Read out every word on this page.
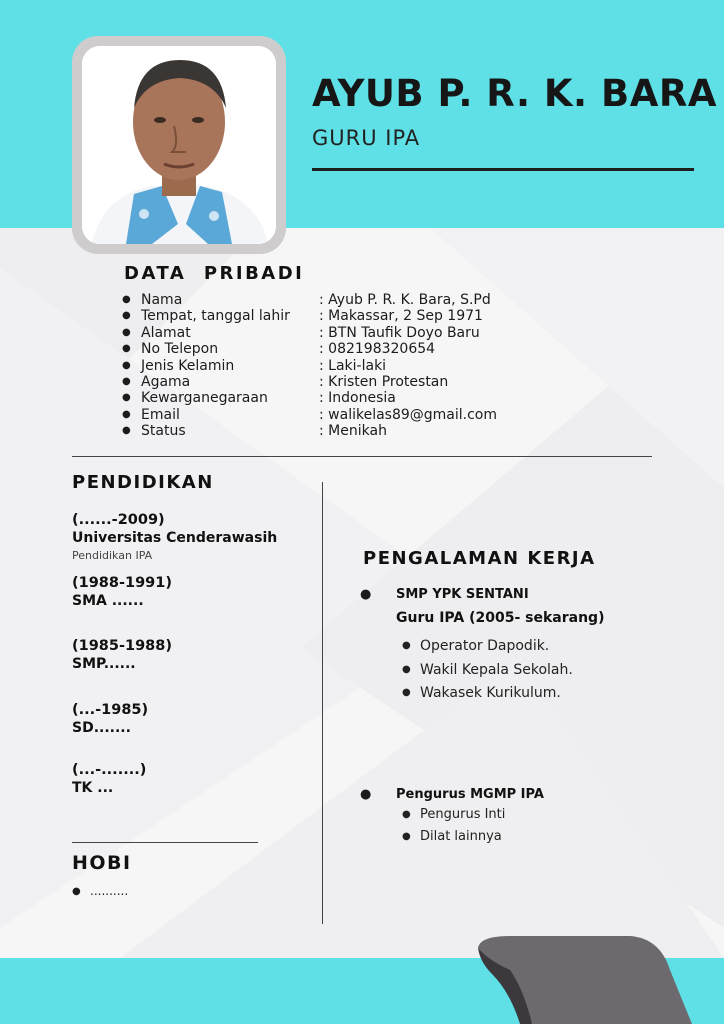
AYUB P. R. K. BARA
GURU IPA
DATA  PRIBADI
● Nama	: Ayub P. R. K. Bara, S.Pd
● Tempat, tanggal lahir	: Makassar, 2 Sep 1971
● Alamat	: BTN Taufik Doyo Baru
● No Telepon	: 082198320654
● Jenis Kelamin	: Laki-laki
● Agama	: Kristen Protestan
● Kewarganegaraan	: Indonesia
● Email	: walikelas89@gmail.com
● Status	: Menikah
PENDIDIKAN
(......-2009)
Universitas Cenderawasih
Pendidikan IPA
(1988-1991)
SMA ......
(1985-1988)
SMP......
(...-1985)
SD.......
(...-.......)
TK ...
HOBI
● ..........
PENGALAMAN KERJA
●	SMP YPK SENTANI
Guru IPA (2005- sekarang)
● Operator Dapodik.
● Wakil Kepala Sekolah.
● Wakasek Kurikulum.
●	Pengurus MGMP IPA
● Pengurus Inti
● Dilat lainnya
